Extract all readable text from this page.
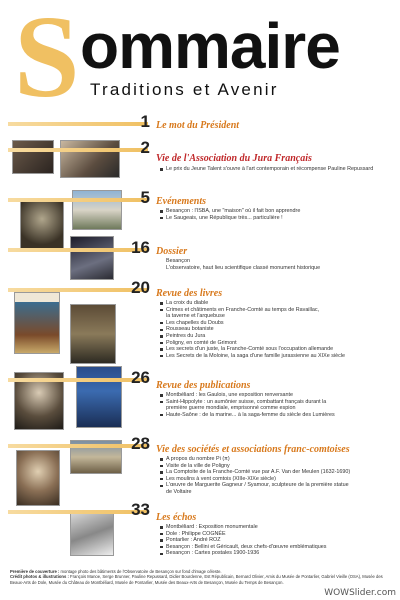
S ommaire
Traditions et Avenir
1 Le mot du Président
2
Vie de l'Association du Jura Français
Le prix du Jeune Talent s'ouvre à l'art contemporain et récompense Pauline Repussard
5 Evénements
Besançon : l'ISBA, une "maison" où il fait bon apprendre
Le Saugeais, une République très... particulière !
16 Dossier
Besançon
L'observatoire, haut lieu scientifique classé monument historique
20 Revue des livres
La croix du diable
Crimes et châtiments en Franche-Comté au temps de Ravaillac,
la taverne et l'arquebuse
Les chapelles du Doubs
Rousseau botaniste
Peintres du Jura
Poligny, en comté de Grimont
Les secrets d'un juste, la Franche-Comté sous l'occupation allemande
Les Secrets de la Moloine, la saga d'une famille jurassienne au XIXe siècle
26 Revue des publications
Montbéliard : les Gaulois, une exposition renversante
Saint-Hippolyte : un aumônier suisse, combattant français durant la
première guerre mondiale, emprisonné comme espion
Haute-Saône : de la marine... à la saga-femme du siècle des Lumières
28 Vie des sociétés et associations franc-comtoises
A propos du nombre Pi (π)
Visite de la ville de Poligny
La Comptoite de la Franche-Comté vue par A.F. Van der Meulen (1632-1690)
Les moulins à vent comtois (XIIIe-XIXe siècle)
L'œuvre de Marguerite Gagneur / Syamour, sculpteure de la première statue
de Voltaire
33 Les échos
Montbéliard : Exposition monumentale
Dole : Philippe COGNÉE
Pontarlier : André ROZ
Besançon : Bellini et Géricault, deux chefs-d'œuvre emblématiques
Besançon : Cartes postales 1900-1936
Première de couverture : montage photo des bâtiments de l'Observatoire de Besançon sur fond d'image céleste.
Crédit photos & illustrations : François Manoe, Serge Brunner, Pauline Repussard, Didier Bourdenne, Est Républicain, Bernard Olivier, Amis du Musée de Pontarlier, Gabriel Vieille (OSA), Musée des Beaux-Arts de Dole, Musée du Château de Montbéliard, Musée de Pontarlier, Musée des Beaux-Arts de Besançon, Musée du Temps de Besançon.
WOWSlider.com
